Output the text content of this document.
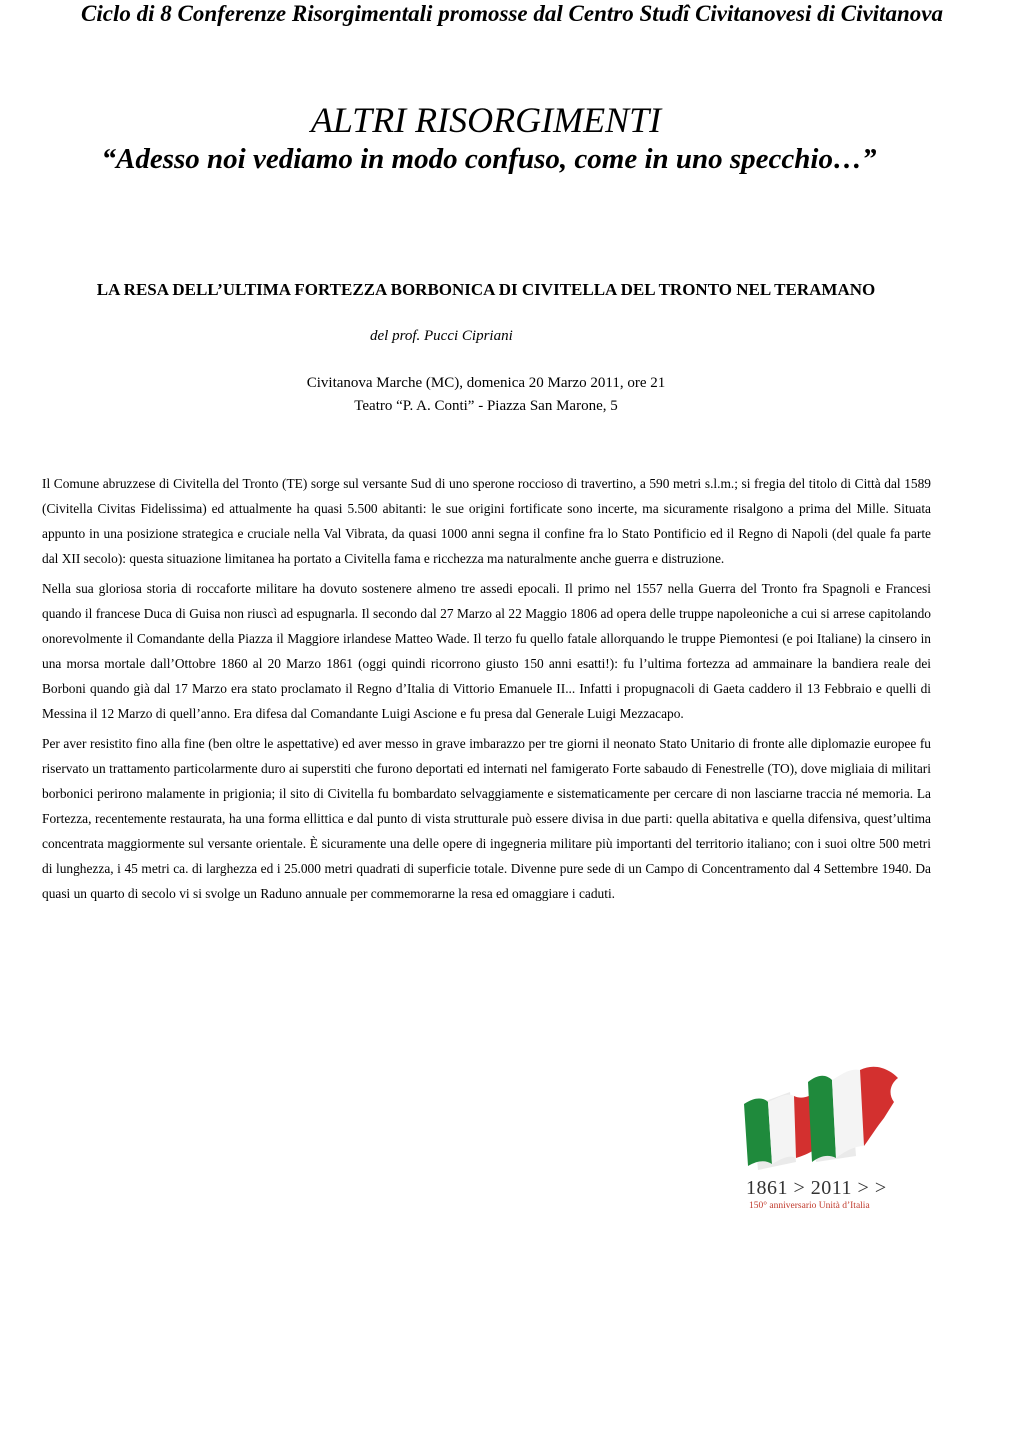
Ciclo di 8 Conferenze Risorgimentali promosse dal Centro Studî Civitanovesi di Civitanova
ALTRI RISORGIMENTI
“Adesso noi vediamo in modo confuso, come in uno specchio…”
LA RESA DELL’ULTIMA FORTEZZA BORBONICA DI CIVITELLA DEL TRONTO NEL TERAMANO
del prof. Pucci Cipriani
Civitanova Marche (MC), domenica 20 Marzo 2011, ore 21
Teatro “P. A. Conti” - Piazza San Marone, 5

Il Comune abruzzese di Civitella del Tronto (TE) sorge sul versante Sud di uno sperone roccioso di travertino, a 590 metri s.l.m.; si fregia del titolo di Città dal 1589 (Civitella Civitas Fidelissima) ed attualmente ha quasi 5.500 abitanti: le sue origini fortificate sono incerte, ma sicuramente risalgono a prima del Mille. Situata appunto in una posizione strategica e cruciale nella Val Vibrata, da quasi 1000 anni segna il confine fra lo Stato Pontificio ed il Regno di Napoli (del quale fa parte dal XII secolo): questa situazione limitanea ha portato a Civitella fama e ricchezza ma naturalmente anche guerra e distruzione.

Nella sua gloriosa storia di roccaforte militare ha dovuto sostenere almeno tre assedi epocali. Il primo nel 1557 nella Guerra del Tronto fra Spagnoli e Francesi quando il francese Duca di Guisa non riuscì ad espugnarla. Il secondo dal 27 Marzo al 22 Maggio 1806 ad opera delle truppe napoleoniche a cui si arrese capitolando onorevolmente il Comandante della Piazza il Maggiore irlandese Matteo Wade. Il terzo fu quello fatale allorquando le truppe Piemontesi (e poi Italiane) la cinsero in una morsa mortale dall’Ottobre 1860 al 20 Marzo 1861 (oggi quindi ricorrono giusto 150 anni esatti!): fu l’ultima fortezza ad ammainare la bandiera reale dei Borboni quando già dal 17 Marzo era stato proclamato il Regno d’Italia di Vittorio Emanuele II... Infatti i propugnacoli di Gaeta caddero il 13 Febbraio e quelli di Messina il 12 Marzo di quell’anno. Era difesa dal Comandante Luigi Ascione e fu presa dal Generale Luigi Mezzacapo.

Per aver resistito fino alla fine (ben oltre le aspettative) ed aver messo in grave imbarazzo per tre giorni il neonato Stato Unitario di fronte alle diplomazie europee fu riservato un trattamento particolarmente duro ai superstiti che furono deportati ed internati nel famigerato Forte sabaudo di Fenestrelle (TO), dove migliaia di militari borbonici perirono malamente in prigionia; il sito di Civitella fu bombardato selvaggiamente e sistematicamente per cercare di non lasciarne traccia né memoria. La Fortezza, recentemente restaurata, ha una forma ellittica e dal punto di vista strutturale può essere divisa in due parti: quella abitativa e quella difensiva, quest’ultima concentrata maggiormente sul versante orientale. È sicuramente una delle opere di ingegneria militare più importanti del territorio italiano; con i suoi oltre 500 metri di lunghezza, i 45 metri ca. di larghezza ed i 25.000 metri quadrati di superficie totale. Divenne pure sede di un Campo di Concentramento dal 4 Settembre 1940. Da quasi un quarto di secolo vi si svolge un Raduno annuale per commemorarne la resa ed omaggiare i caduti.

1861 > 2011 > >
150° anniversario Unità d’Italia
